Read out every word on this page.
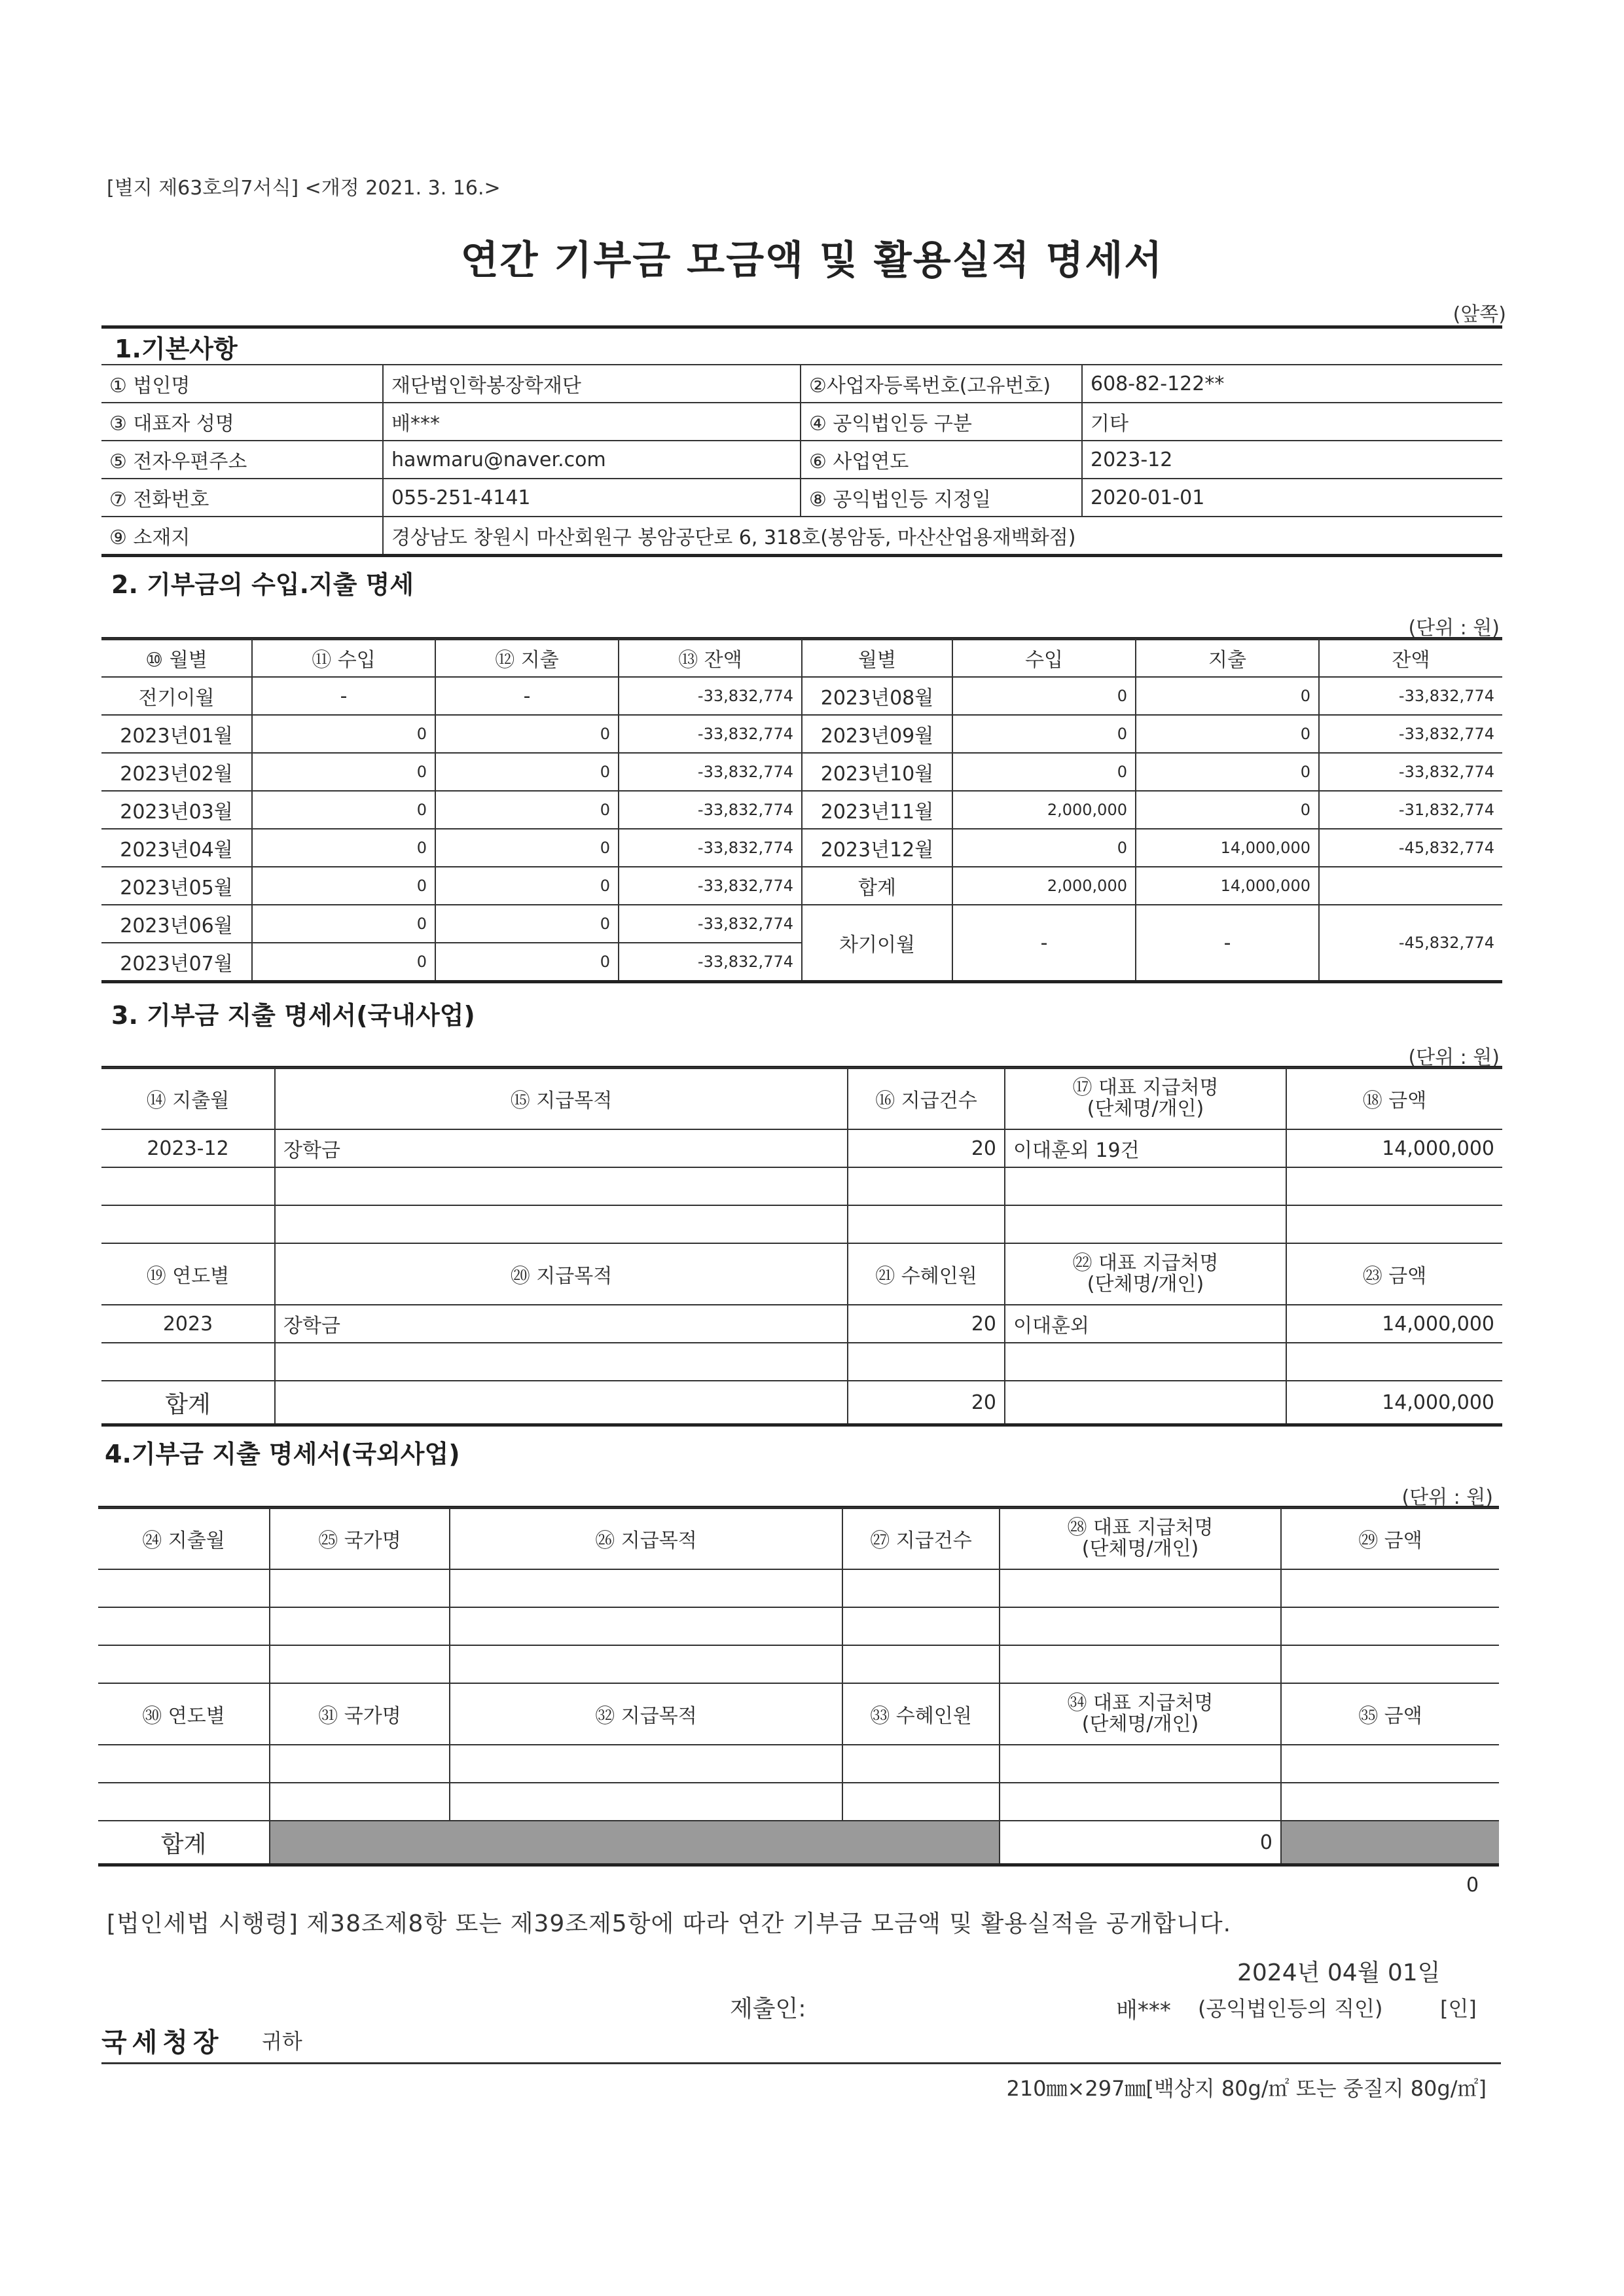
[별지 제63호의7서식] <개정 2021. 3. 16.>
연간 기부금 모금액 및 활용실적 명세서
(앞쪽)
1.기본사항
① 법인명	재단법인학봉장학재단	②사업자등록번호(고유번호)	608-82-122**
③ 대표자 성명	배***	④ 공익법인등 구분	기타
⑤ 전자우편주소	hawmaru@naver.com	⑥ 사업연도	2023-12
⑦ 전화번호	055-251-4141	⑧ 공익법인등 지정일	2020-01-01
⑨ 소재지	경상남도 창원시 마산회원구 봉암공단로 6, 318호(봉암동, 마산산업용재백화점)		
2. 기부금의 수입.지출 명세
(단위 : 원)
⑩ 월별	⑪ 수입	⑫ 지출	⑬ 잔액	월별	수입	지출	잔액
전기이월	-	-	-33,832,774	2023년08월	0	0	-33,832,774
2023년01월	0	0	-33,832,774	2023년09월	0	0	-33,832,774
2023년02월	0	0	-33,832,774	2023년10월	0	0	-33,832,774
2023년03월	0	0	-33,832,774	2023년11월	2,000,000	0	-31,832,774
2023년04월	0	0	-33,832,774	2023년12월	0	14,000,000	-45,832,774
2023년05월	0	0	-33,832,774	합계	2,000,000	14,000,000	
2023년06월	0	0	-33,832,774	차기이월	-	-	-45,832,774
2023년07월	0	0	-33,832,774				
3. 기부금 지출 명세서(국내사업)
(단위 : 원)
⑭ 지출월	⑮ 지급목적	⑯ 지급건수	⑰ 대표 지급처명
(단체명/개인)	⑱ 금액
2023-12	장학금	20	이대훈외 19건	14,000,000

⑲ 연도별	⑳ 지급목적	㉑ 수혜인원	㉒ 대표 지급처명
(단체명/개인)	㉓ 금액
2023	장학금	20	이대훈외	14,000,000

합계		20		14,000,000
4.기부금 지출 명세서(국외사업)
(단위 : 원)
㉔ 지출월	㉕ 국가명	㉖ 지급목적	㉗ 지급건수	㉘ 대표 지급처명
(단체명/개인)	㉙ 금액

㉚ 연도별	㉛ 국가명	㉜ 지급목적	㉝ 수혜인원	㉞ 대표 지급처명
(단체명/개인)	㉟ 금액

합계				0	
0
[법인세법 시행령] 제38조제8항 또는 제39조제5항에 따라 연간 기부금 모금액 및 활용실적을 공개합니다.
2024년 04월 01일
제출인:	배*** (공익법인등의 직인)	[인]
국세청장 귀하
210㎜×297㎜[백상지 80g/㎡ 또는 중질지 80g/㎡]
